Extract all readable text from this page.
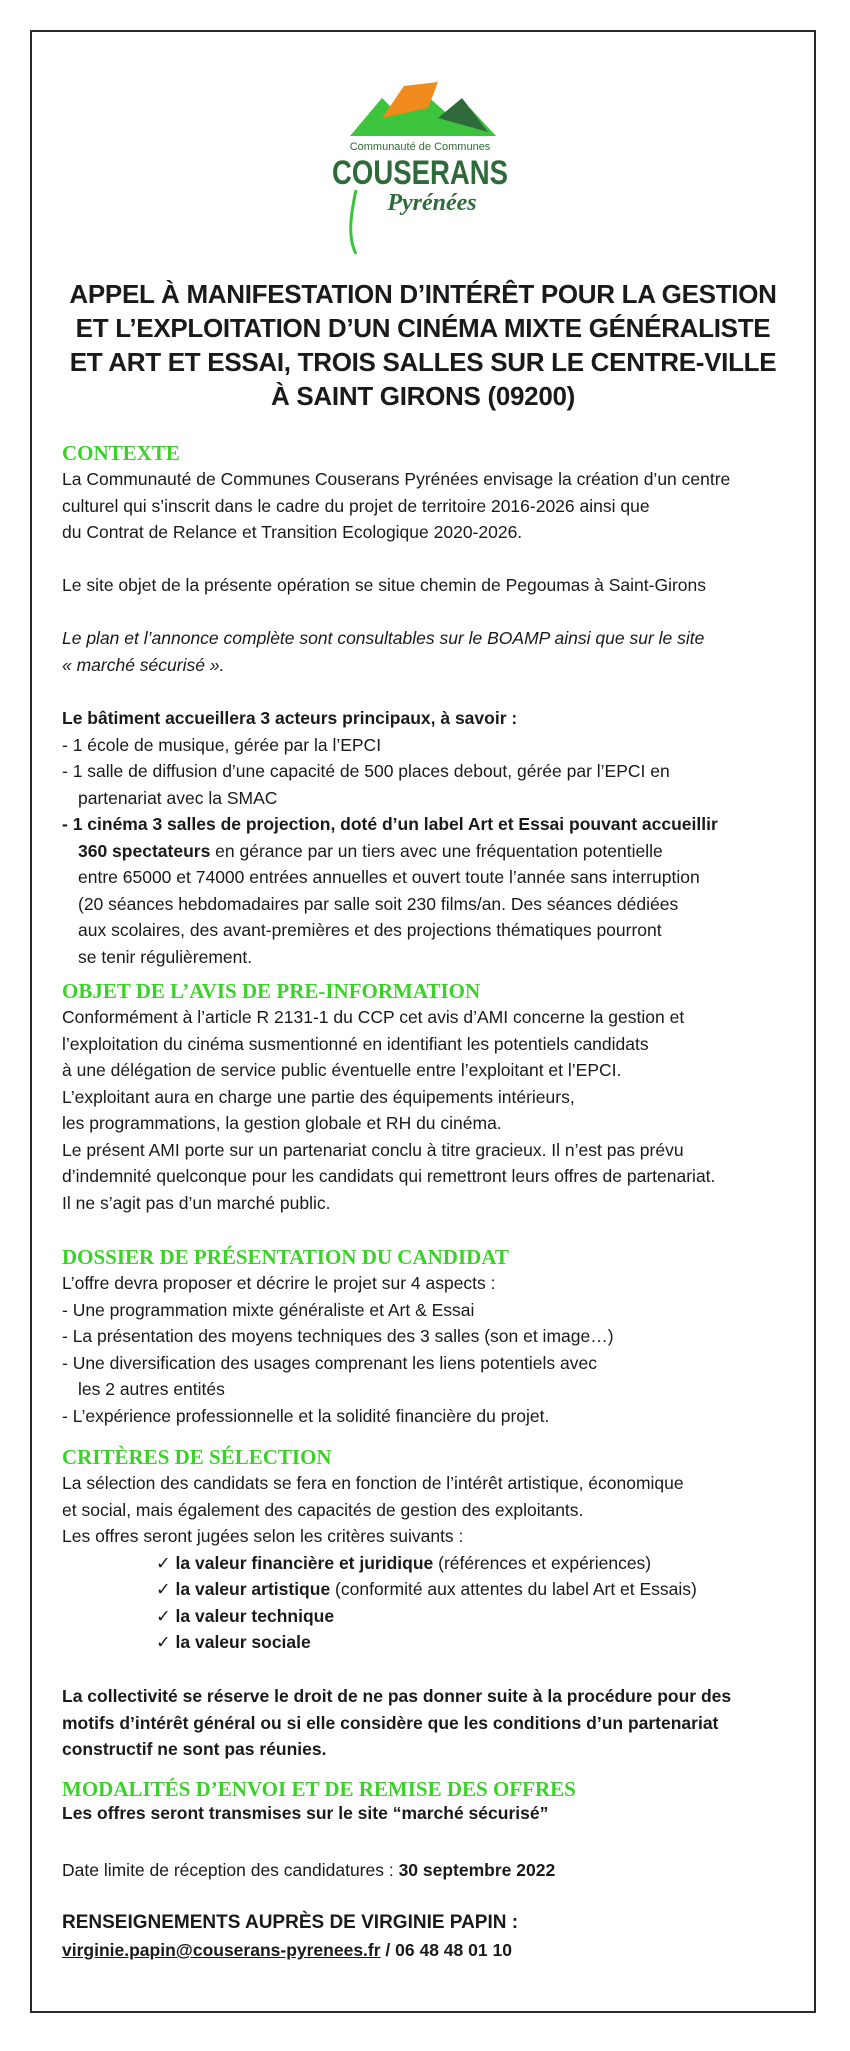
Communauté de Communes
COUSERANS
Pyrénées
APPEL À MANIFESTATION D’INTÉRÊT POUR LA GESTION
ET L’EXPLOITATION D’UN CINÉMA MIXTE GÉNÉRALISTE
ET ART ET ESSAI, TROIS SALLES SUR LE CENTRE-VILLE
À SAINT GIRONS (09200)
CONTEXTE
La Communauté de Communes Couserans Pyrénées envisage la création d’un centre
culturel qui s’inscrit dans le cadre du projet de territoire 2016-2026 ainsi que
du Contrat de Relance et Transition Ecologique 2020-2026.
Le site objet de la présente opération se situe chemin de Pegoumas à Saint-Girons
Le plan et l’annonce complète sont consultables sur le BOAMP ainsi que sur le site
« marché sécurisé ».
Le bâtiment accueillera 3 acteurs principaux, à savoir :
- 1 école de musique, gérée par la l’EPCI
- 1 salle de diffusion d’une capacité de 500 places debout, gérée par l’EPCI en
partenariat avec la SMAC
- 1 cinéma 3 salles de projection, doté d’un label Art et Essai pouvant accueillir
360 spectateurs en gérance par un tiers avec une fréquentation potentielle
entre 65000 et 74000 entrées annuelles et ouvert toute l’année sans interruption
(20 séances hebdomadaires par salle soit 230 films/an. Des séances dédiées
aux scolaires, des avant-premières et des projections thématiques pourront
se tenir régulièrement.
OBJET DE L’AVIS DE PRE-INFORMATION
Conformément à l’article R 2131-1 du CCP cet avis d’AMI concerne la gestion et
l’exploitation du cinéma susmentionné en identifiant les potentiels candidats
à une délégation de service public éventuelle entre l’exploitant et l’EPCI.
L’exploitant aura en charge une partie des équipements intérieurs,
les programmations, la gestion globale et RH du cinéma.
Le présent AMI porte sur un partenariat conclu à titre gracieux. Il n’est pas prévu
d’indemnité quelconque pour les candidats qui remettront leurs offres de partenariat.
Il ne s’agit pas d’un marché public.
DOSSIER DE PRÉSENTATION DU CANDIDAT
L’offre devra proposer et décrire le projet sur 4 aspects :
- Une programmation mixte généraliste et Art & Essai
- La présentation des moyens techniques des 3 salles (son et image…)
- Une diversification des usages comprenant les liens potentiels avec
les 2 autres entités
- L’expérience professionnelle et la solidité financière du projet.
CRITÈRES DE SÉLECTION
La sélection des candidats se fera en fonction de l’intérêt artistique, économique
et social, mais également des capacités de gestion des exploitants.
Les offres seront jugées selon les critères suivants :
✓ la valeur financière et juridique (références et expériences)
✓ la valeur artistique (conformité aux attentes du label Art et Essais)
✓ la valeur technique
✓ la valeur sociale
La collectivité se réserve le droit de ne pas donner suite à la procédure pour des
motifs d’intérêt général ou si elle considère que les conditions d’un partenariat
constructif ne sont pas réunies.
MODALITÉS D’ENVOI ET DE REMISE DES OFFRES
Les offres seront transmises sur le site “marché sécurisé”
Date limite de réception des candidatures : 30 septembre 2022
RENSEIGNEMENTS AUPRÈS DE VIRGINIE PAPIN :
virginie.papin@couserans-pyrenees.fr / 06 48 48 01 10
